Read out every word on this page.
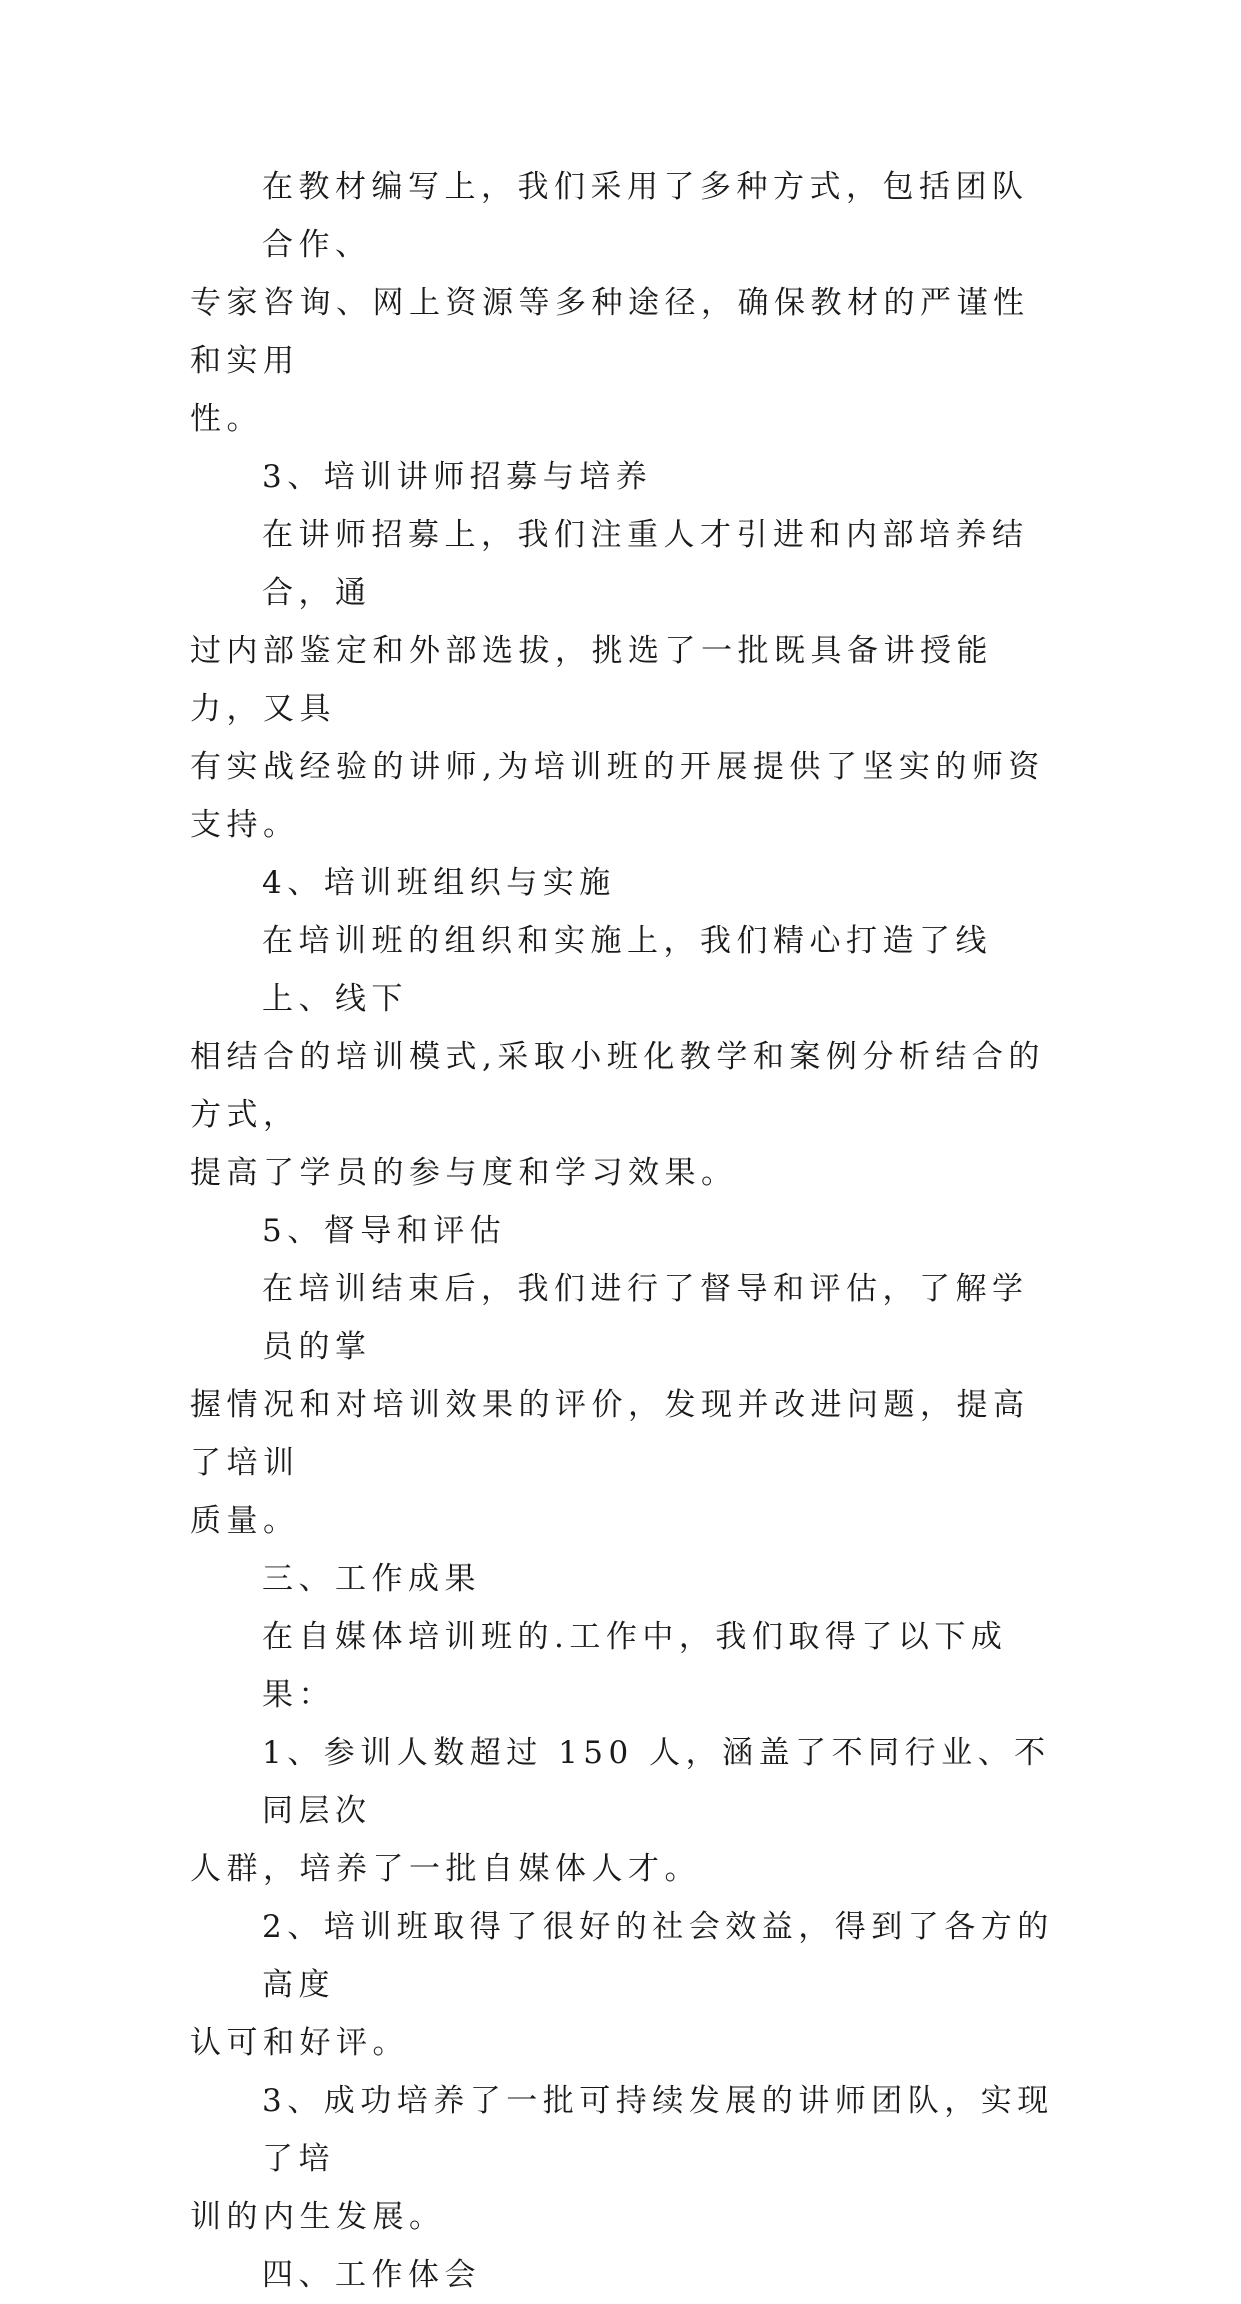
在教材编写上，我们采用了多种方式，包括团队合作、
专家咨询、网上资源等多种途径，确保教材的严谨性和实用
性。
3、培训讲师招募与培养
在讲师招募上，我们注重人才引进和内部培养结合，通
过内部鉴定和外部选拔，挑选了一批既具备讲授能力，又具
有实战经验的讲师,为培训班的开展提供了坚实的师资支持。
4、培训班组织与实施
在培训班的组织和实施上，我们精心打造了线上、线下
相结合的培训模式,采取小班化教学和案例分析结合的方式，
提高了学员的参与度和学习效果。
5、督导和评估
在培训结束后，我们进行了督导和评估，了解学员的掌
握情况和对培训效果的评价，发现并改进问题，提高了培训
质量。
三、工作成果
在自媒体培训班的.工作中，我们取得了以下成果：
1、参训人数超过 150 人，涵盖了不同行业、不同层次
人群，培养了一批自媒体人才。
2、培训班取得了很好的社会效益，得到了各方的高度
认可和好评。
3、成功培养了一批可持续发展的讲师团队，实现了培
训的内生发展。
四、工作体会
